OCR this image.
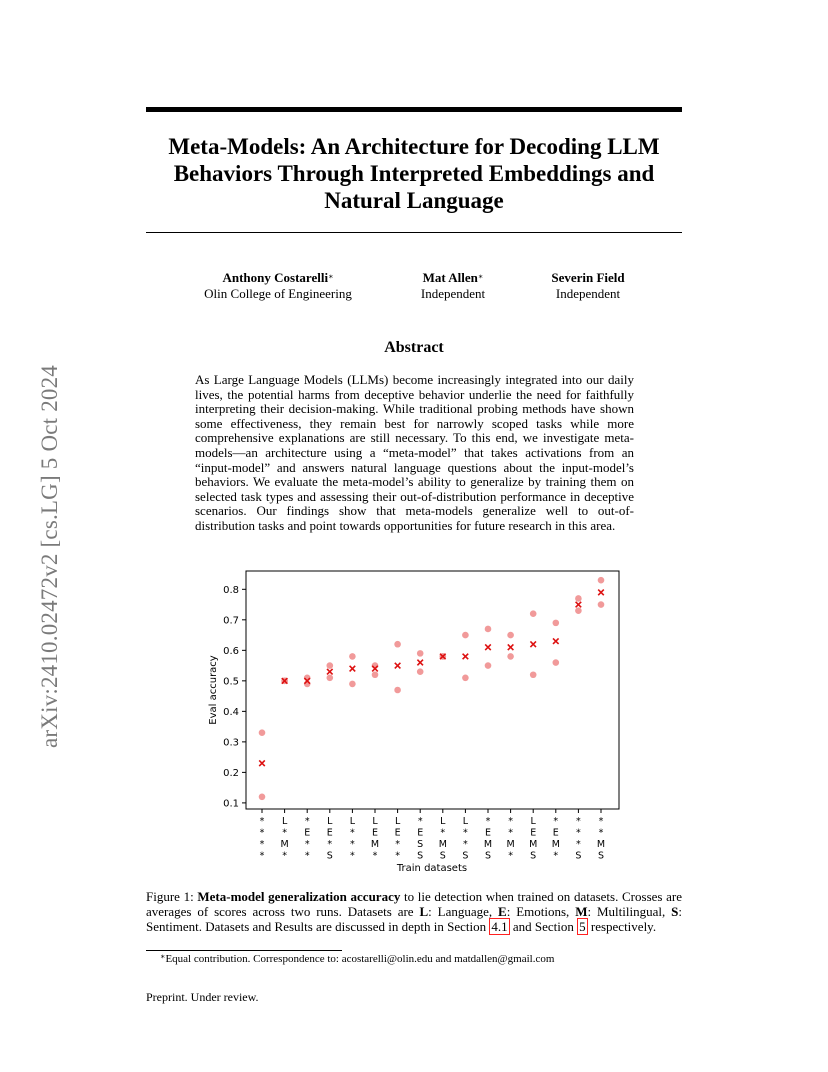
arXiv:2410.02472v2 [cs.LG] 5 Oct 2024
Meta-Models: An Architecture for Decoding LLM
Behaviors Through Interpreted Embeddings and
Natural Language
Anthony Costarelli∗
Olin College of Engineering
Mat Allen∗
Independent
Severin Field
Independent
Abstract
As Large Language Models (LLMs) become increasingly integrated into our daily lives, the potential harms from deceptive behavior underlie the need for faithfully interpreting their decision-making. While traditional probing methods have shown some effectiveness, they remain best for narrowly scoped tasks while more comprehensive explanations are still necessary. To this end, we investigate meta-models—an architecture using a “meta-model” that takes activations from an “input-model” and answers natural language questions about the input-model’s behaviors. We evaluate the meta-model’s ability to generalize by training them on selected task types and assessing their out-of-distribution performance in deceptive scenarios. Our findings show that meta-models generalize well to out-of-distribution tasks and point towards opportunities for future research in this area.
0.1
0.2
0.3
0.4
0.5
0.6
0.7
0.8
*
*
*
*
L
*
M
*
*
E
*
*
L
E
*
S
L
*
*
*
L
E
M
*
L
E
*
*
*
E
S
S
L
*
M
S
L
*
*
S
*
E
M
S
*
*
M
*
L
E
M
S
*
E
M
*
*
*
*
S
*
*
M
S
Train datasets
Eval accuracy
Figure 1: Meta-model generalization accuracy to lie detection when trained on datasets. Crosses are averages of scores across two runs. Datasets are L: Language, E: Emotions, M: Multilingual, S: Sentiment. Datasets and Results are discussed in depth in Section 4.1 and Section 5 respectively.
∗Equal contribution. Correspondence to: acostarelli@olin.edu and matdallen@gmail.com
Preprint. Under review.
